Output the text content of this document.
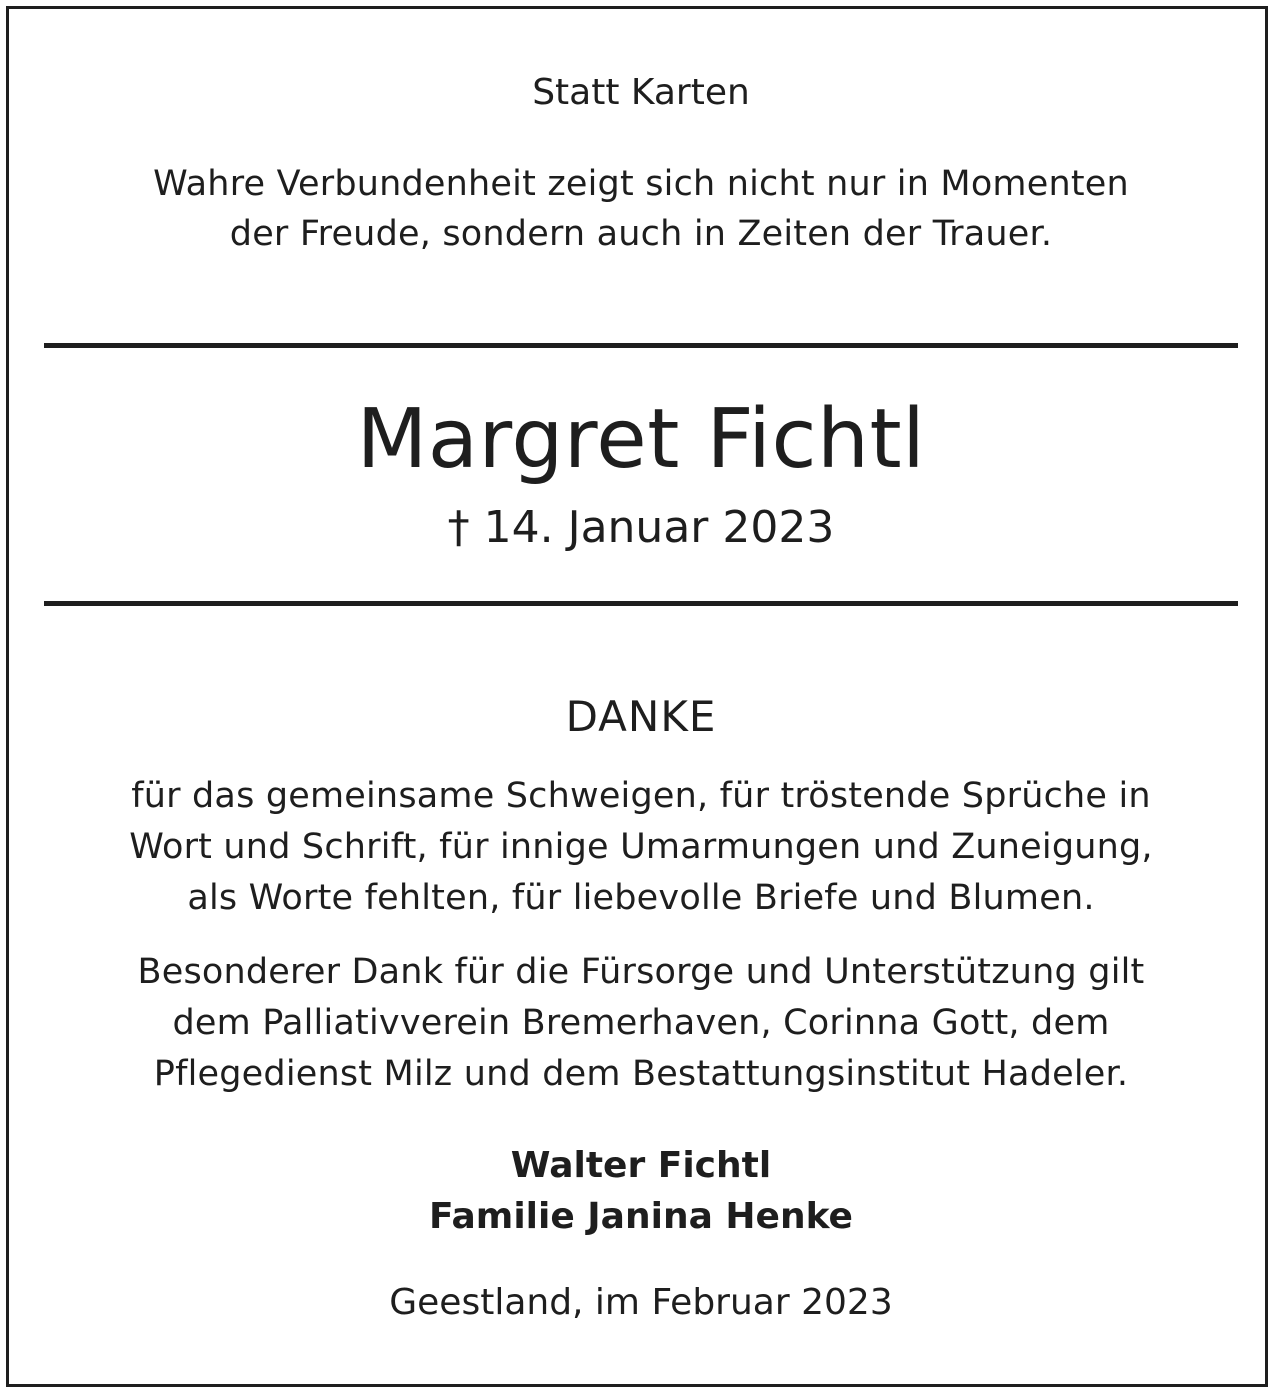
Statt Karten

Wahre Verbundenheit zeigt sich nicht nur in Momenten

der Freude, sondern auch in Zeiten der Trauer.

Margret Fichtl

† 14. Januar 2023

DANKE

für das gemeinsame Schweigen, für tröstende Sprüche in

Wort und Schrift, für innige Umarmungen und Zuneigung,

als Worte fehlten, für liebevolle Briefe und Blumen.

Besonderer Dank für die Fürsorge und Unterstützung gilt

dem Palliativverein Bremerhaven, Corinna Gott, dem

Pflegedienst Milz und dem Bestattungsinstitut Hadeler.

Walter Fichtl

Familie Janina Henke

Geestland, im Februar 2023
